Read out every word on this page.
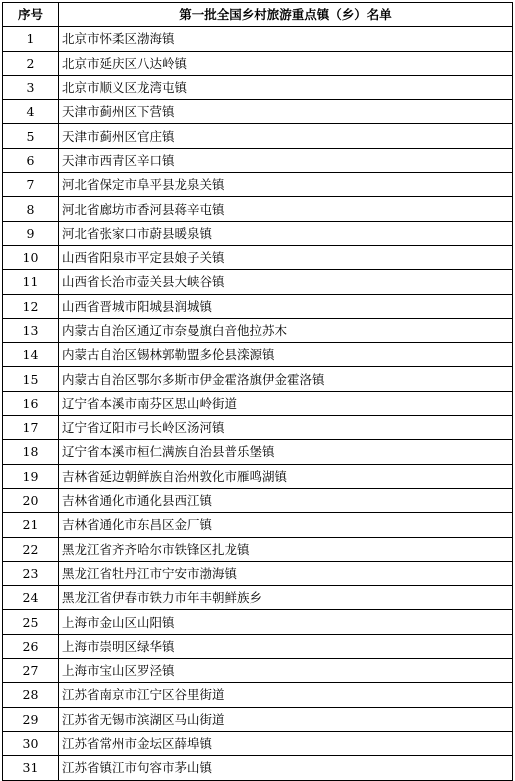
序号	第一批全国乡村旅游重点镇（乡）名单
1	北京市怀柔区渤海镇
2	北京市延庆区八达岭镇
3	北京市顺义区龙湾屯镇
4	天津市蓟州区下营镇
5	天津市蓟州区官庄镇
6	天津市西青区辛口镇
7	河北省保定市阜平县龙泉关镇
8	河北省廊坊市香河县蒋辛屯镇
9	河北省张家口市蔚县暖泉镇
10	山西省阳泉市平定县娘子关镇
11	山西省长治市壶关县大峡谷镇
12	山西省晋城市阳城县润城镇
13	内蒙古自治区通辽市奈曼旗白音他拉苏木
14	内蒙古自治区锡林郭勒盟多伦县滦源镇
15	内蒙古自治区鄂尔多斯市伊金霍洛旗伊金霍洛镇
16	辽宁省本溪市南芬区思山岭街道
17	辽宁省辽阳市弓长岭区汤河镇
18	辽宁省本溪市桓仁满族自治县普乐堡镇
19	吉林省延边朝鲜族自治州敦化市雁鸣湖镇
20	吉林省通化市通化县西江镇
21	吉林省通化市东昌区金厂镇
22	黑龙江省齐齐哈尔市铁锋区扎龙镇
23	黑龙江省牡丹江市宁安市渤海镇
24	黑龙江省伊春市铁力市年丰朝鲜族乡
25	上海市金山区山阳镇
26	上海市崇明区绿华镇
27	上海市宝山区罗泾镇
28	江苏省南京市江宁区谷里街道
29	江苏省无锡市滨湖区马山街道
30	江苏省常州市金坛区薛埠镇
31	江苏省镇江市句容市茅山镇
